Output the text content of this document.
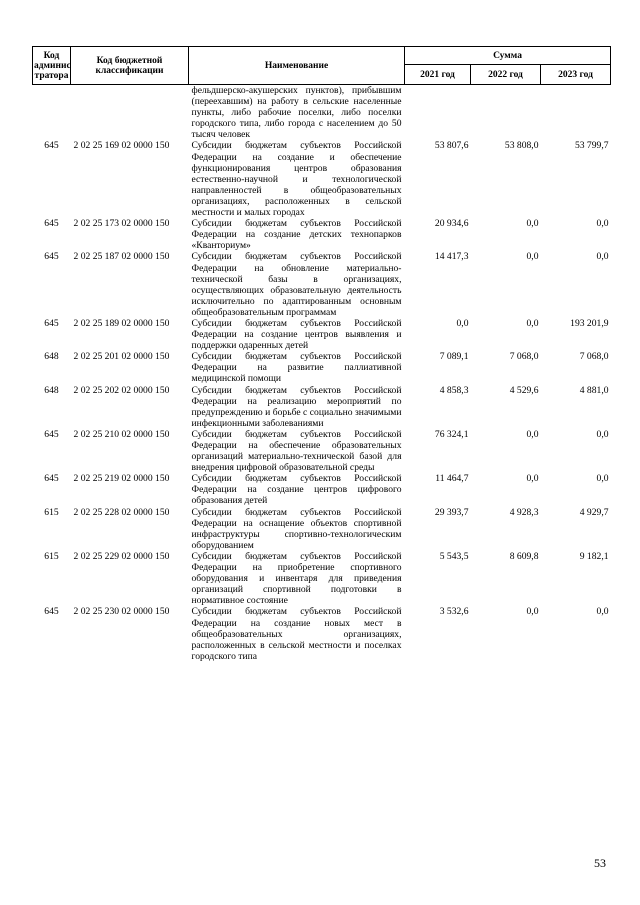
Код админис тратора	Код бюджетной классификации	Наименование	Сумма		
			2021 год	2022 год	2023 год
		фельдшерско-акушерских пунктов), прибывшим (переехавшим) на работу в сельские населенные пункты, либо рабочие поселки, либо поселки городского типа, либо города с населением до 50 тысяч человек			
645	2 02 25 169 02 0000 150	Субсидии бюджетам субъектов Российской Федерации на создание и обеспечение функционирования центров образования естественно-научной и технологической направленностей в общеобразовательных организациях, расположенных в сельской местности и малых городах	53 807,6	53 808,0	53 799,7
645	2 02 25 173 02 0000 150	Субсидии бюджетам субъектов Российской Федерации на создание детских технопарков «Кванториум»	20 934,6	0,0	0,0
645	2 02 25 187 02 0000 150	Субсидии бюджетам субъектов Российской Федерации на обновление материально-технической базы в организациях, осуществляющих образовательную деятельность исключительно по адаптированным основным общеобразовательным программам	14 417,3	0,0	0,0
645	2 02 25 189 02 0000 150	Субсидии бюджетам субъектов Российской Федерации на создание центров выявления и поддержки одаренных детей	0,0	0,0	193 201,9
648	2 02 25 201 02 0000 150	Субсидии бюджетам субъектов Российской Федерации на развитие паллиативной медицинской помощи	7 089,1	7 068,0	7 068,0
648	2 02 25 202 02 0000 150	Субсидии бюджетам субъектов Российской Федерации на реализацию мероприятий по предупреждению и борьбе с социально значимыми инфекционными заболеваниями	4 858,3	4 529,6	4 881,0
645	2 02 25 210 02 0000 150	Субсидии бюджетам субъектов Российской Федерации на обеспечение образовательных организаций материально-технической базой для внедрения цифровой образовательной среды	76 324,1	0,0	0,0
645	2 02 25 219 02 0000 150	Субсидии бюджетам субъектов Российской Федерации на создание центров цифрового образования детей	11 464,7	0,0	0,0
615	2 02 25 228 02 0000 150	Субсидии бюджетам субъектов Российской Федерации на оснащение объектов спортивной инфраструктуры спортивно-технологическим оборудованием	29 393,7	4 928,3	4 929,7
615	2 02 25 229 02 0000 150	Субсидии бюджетам субъектов Российской Федерации на приобретение спортивного оборудования и инвентаря для приведения организаций спортивной подготовки в нормативное состояние	5 543,5	8 609,8	9 182,1
645	2 02 25 230 02 0000 150	Субсидии бюджетам субъектов Российской Федерации на создание новых мест в общеобразовательных организациях, расположенных в сельской местности и поселках городского типа	3 532,6	0,0	0,0
53
